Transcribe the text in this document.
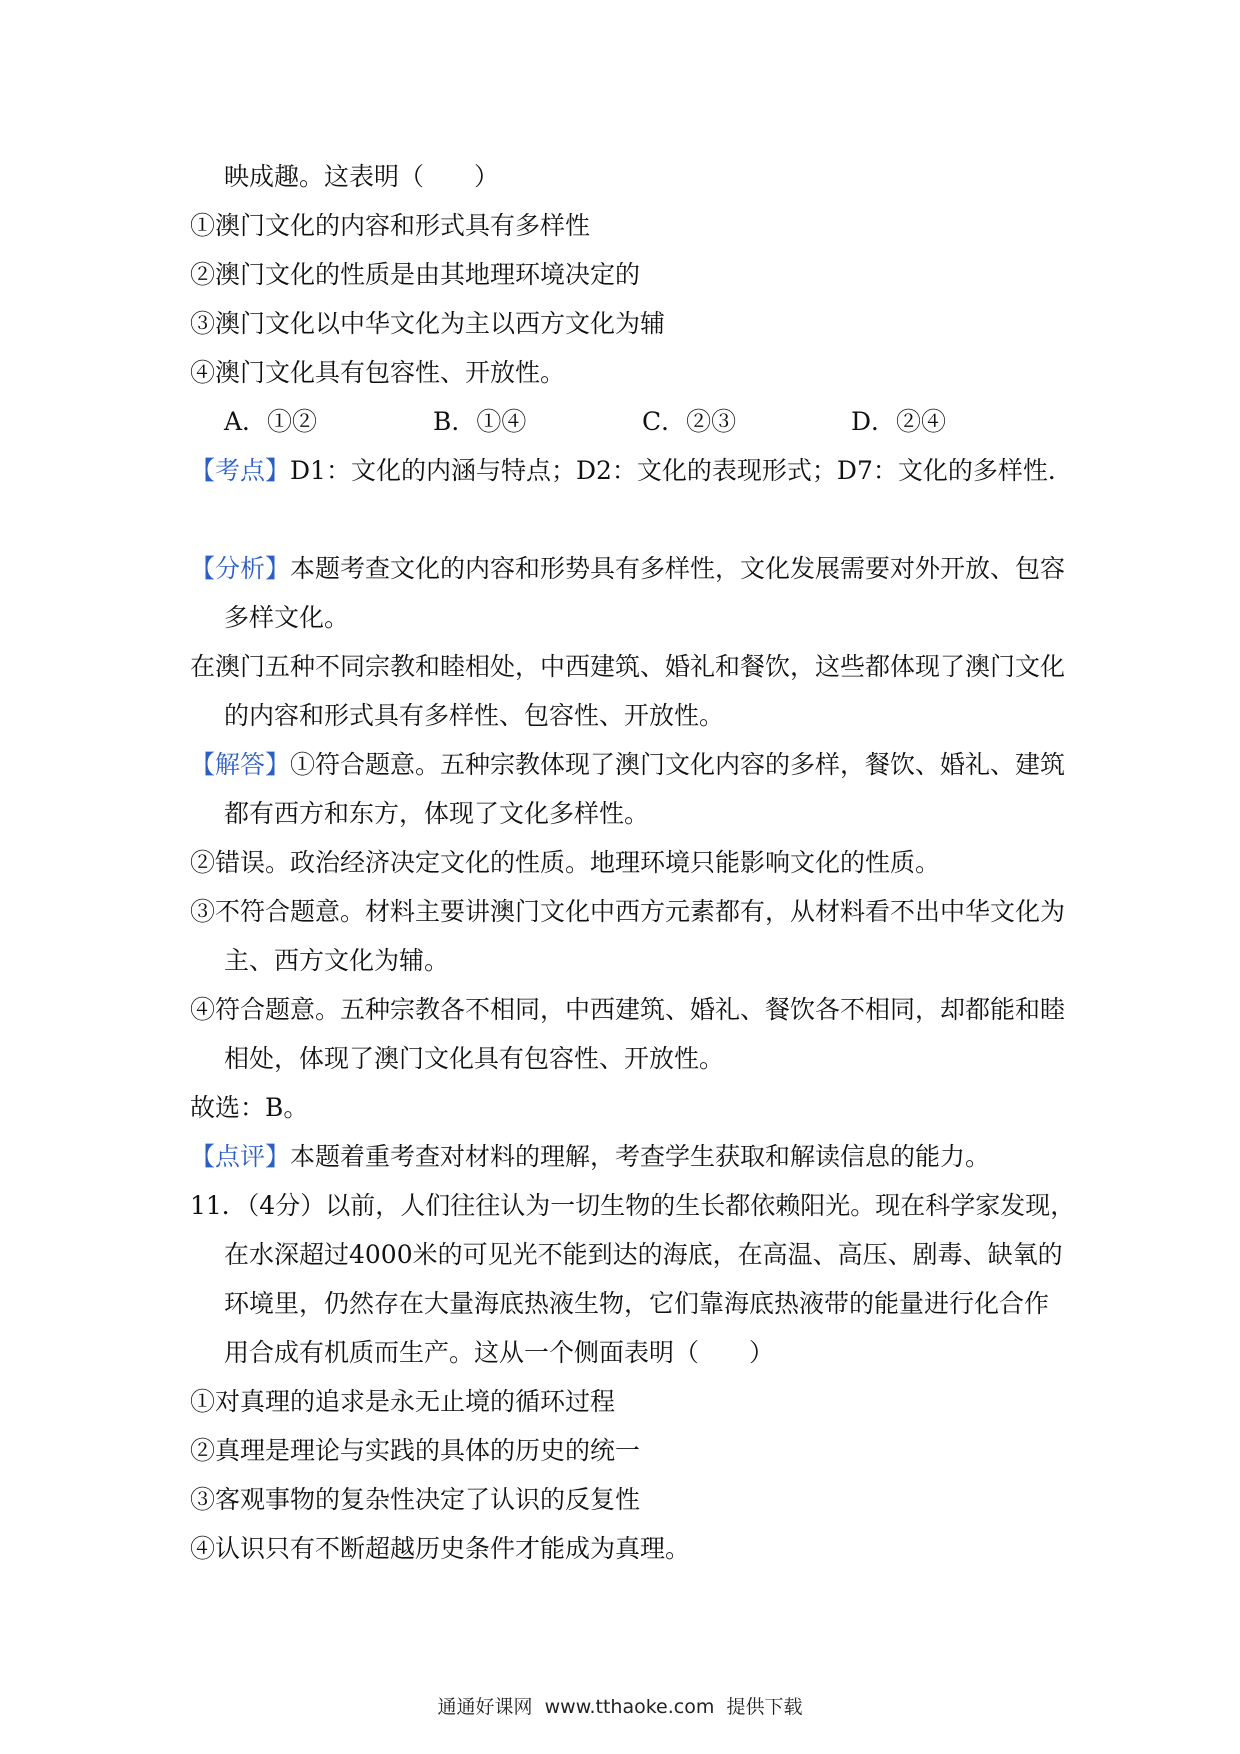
映成趣。这表明（　　）
①澳门文化的内容和形式具有多样性
②澳门文化的性质是由其地理环境决定的
③澳门文化以中华文化为主以西方文化为辅
④澳门文化具有包容性、开放性。
A．①②	B．①④	C．②③	D．②④
【考点】D1：文化的内涵与特点；D2：文化的表现形式；D7：文化的多样性．
【分析】本题考查文化的内容和形势具有多样性，文化发展需要对外开放、包容
多样文化。
在澳门五种不同宗教和睦相处，中西建筑、婚礼和餐饮，这些都体现了澳门文化
的内容和形式具有多样性、包容性、开放性。
【解答】①符合题意。五种宗教体现了澳门文化内容的多样，餐饮、婚礼、建筑
都有西方和东方，体现了文化多样性。
②错误。政治经济决定文化的性质。地理环境只能影响文化的性质。
③不符合题意。材料主要讲澳门文化中西方元素都有，从材料看不出中华文化为
主、西方文化为辅。
④符合题意。五种宗教各不相同，中西建筑、婚礼、餐饮各不相同，却都能和睦
相处，体现了澳门文化具有包容性、开放性。
故选：B。
【点评】本题着重考查对材料的理解，考查学生获取和解读信息的能力。
11．（4分）以前，人们往往认为一切生物的生长都依赖阳光。现在科学家发现，
在水深超过4000米的可见光不能到达的海底，在高温、高压、剧毒、缺氧的
环境里，仍然存在大量海底热液生物，它们靠海底热液带的能量进行化合作
用合成有机质而生产。这从一个侧面表明（　　）
①对真理的追求是永无止境的循环过程
②真理是理论与实践的具体的历史的统一
③客观事物的复杂性决定了认识的反复性
④认识只有不断超越历史条件才能成为真理。
通通好课网  www.tthaoke.com  提供下载
